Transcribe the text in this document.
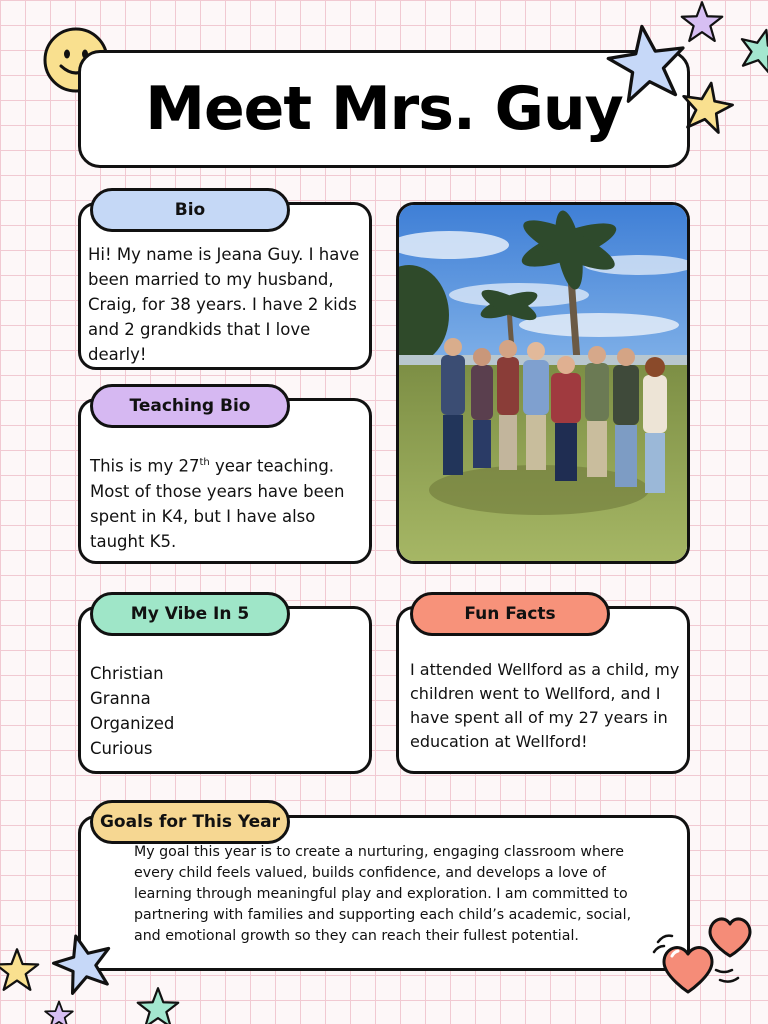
Meet Mrs. Guy
Bio
Hi! My name is Jeana Guy. I have been married to my husband, Craig, for 38 years. I have 2 kids and 2 grandkids that I love dearly!
Teaching Bio
This is my 27th year teaching. Most of those years have been spent in K4, but I have also taught K5.
My Vibe In 5
Christian
Granna
Organized
Curious
Fun Facts
I attended Wellford as a child, my children went to Wellford, and I have spent all of my 27 years in education at Wellford!
Goals for This Year
My goal this year is to create a nurturing, engaging classroom where every child feels valued, builds confidence, and develops a love of learning through meaningful play and exploration. I am committed to partnering with families and supporting each child’s academic, social, and emotional growth so they can reach their fullest potential.
